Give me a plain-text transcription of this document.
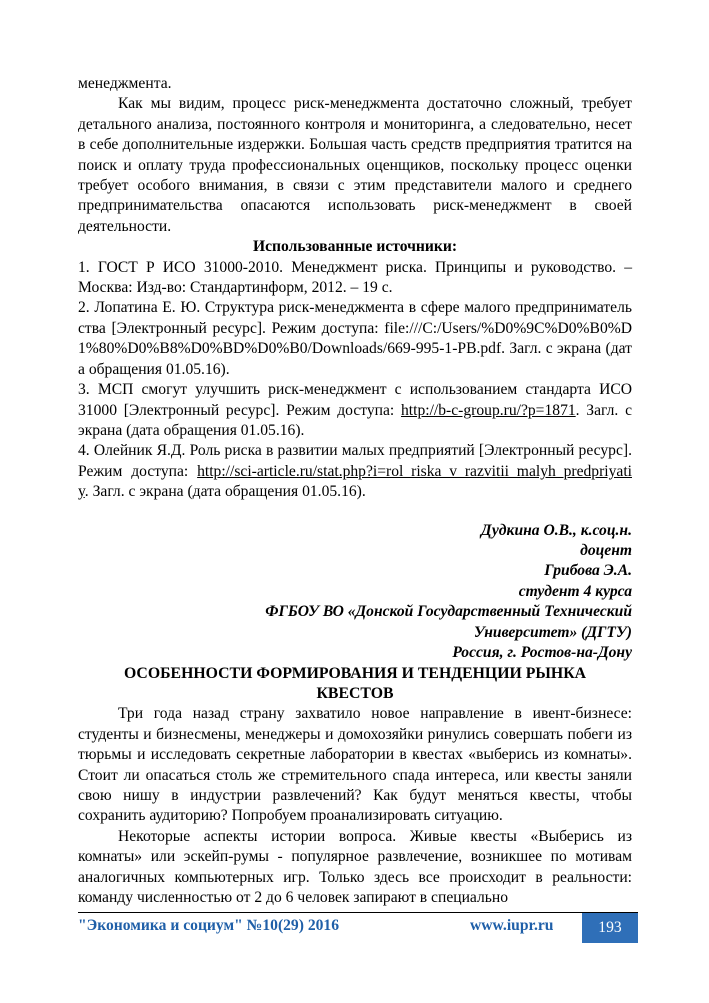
менеджмента.

Как мы видим, процесс риск-менеджмента достаточно сложный, требует детального анализа, постоянного контроля и мониторинга, а следовательно, несет в себе дополнительные издержки. Большая часть средств предприятия тратится на поиск и оплату труда профессиональных оценщиков, поскольку процесс оценки требует особого внимания, в связи с этим представители малого и среднего предпринимательства опасаются использовать риск-менеджмент в своей деятельности.

Использованные источники:

1. ГОСТ Р ИСО 31000-2010. Менеджмент риска. Принципы и руководство. – Москва: Изд-во: Стандартинформ, 2012. – 19 с.

2. Лопатина Е. Ю. Структура риск-менеджмента в сфере малого предпринимательства [Электронный ресурс]. Режим доступа: file:///C:/Users/%D0%9C%D0%B0%D1%80%D0%B8%D0%BD%D0%B0/Downloads/669-995-1-PB.pdf. Загл. с экрана (дата обращения 01.05.16).

3. МСП смогут улучшить риск-менеджмент с использованием стандарта ИСО 31000 [Электронный ресурс]. Режим доступа: http://b-c-group.ru/?p=1871. Загл. с экрана (дата обращения 01.05.16).

4. Олейник Я.Д. Роль риска в развитии малых предприятий [Электронный ресурс]. Режим доступа: http://sci-article.ru/stat.php?i=rol_riska_v_razvitii_malyh_predpriyatiy. Загл. с экрана (дата обращения 01.05.16).

Дудкина О.В., к.соц.н.
доцент
Грибова Э.А.
студент 4 курса
ФГБОУ ВО «Донской Государственный Технический
Университет» (ДГТУ)
Россия, г. Ростов-на-Дону
ОСОБЕННОСТИ ФОРМИРОВАНИЯ И ТЕНДЕНЦИИ РЫНКА
КВЕСТОВ

Три года назад страну захватило новое направление в ивент-бизнесе: студенты и бизнесмены, менеджеры и домохозяйки ринулись совершать побеги из тюрьмы и исследовать секретные лаборатории в квестах «выберись из комнаты». Стоит ли опасаться столь же стремительного спада интереса, или квесты заняли свою нишу в индустрии развлечений? Как будут меняться квесты, чтобы сохранить аудиторию? Попробуем проанализировать ситуацию.

Некоторые аспекты истории вопроса. Живые квесты «Выберись из комнаты» или эскейп-румы - популярное развлечение, возникшее по мотивам аналогичных компьютерных игр. Только здесь все происходит в реальности: команду численностью от 2 до 6 человек запирают в специально

"Экономика и социум" №10(29) 2016	www.iupr.ru	193
